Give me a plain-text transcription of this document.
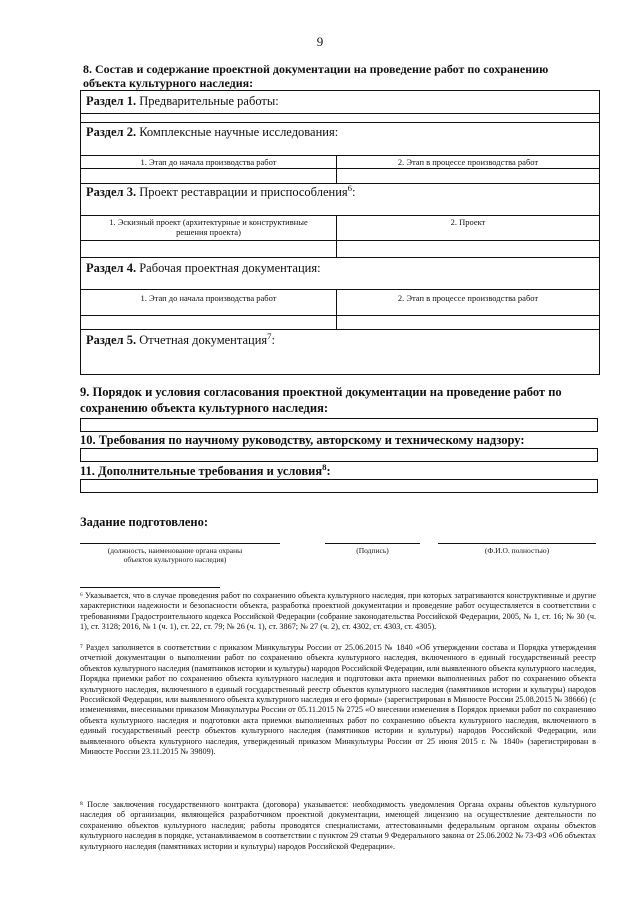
9
8. Состав и содержание проектной документации на проведение работ по сохранению объекта культурного наследия:
Раздел 1. Предварительные работы:
Раздел 2. Комплексные научные исследования:
1. Этап до начала производства работ	2. Этап в процессе производства работ
Раздел 3. Проект реставрации и приспособления$^6$:
1. Эскизный проект (архитектурные и конструктивные решения проекта)
2. Проект
Раздел 4. Рабочая проектная документация:
1. Этап до начала производства работ	2. Этап в процессе производства работ
Раздел 5. Отчетная документация$^7$:
9. Порядок и условия согласования проектной документации на проведение работ по сохранению объекта культурного наследия:
10. Требования по научному руководству, авторскому и техническому надзору:
11. Дополнительные требования и условия$^8$:
Задание подготовлено:
(должность, наименование органа охраны объектов культурного наследия)
(Подпись)	(Ф.И.О. полностью)
⁶ Указывается, что в случае проведения работ по сохранению объекта культурного наследия, при которых затрагиваются конструктивные и другие характеристики надежности и безопасности объекта, разработка проектной документации и проведение работ осуществляется в соответствии с требованиями Градостроительного кодекса Российской Федерации (собрание законодательства Российской Федерации, 2005, № 1, ст. 16; № 30 (ч. 1), ст. 3128; 2016, № 1 (ч. 1), ст. 22, ст. 79; № 26 (ч. 1), ст. 3867; № 27 (ч. 2), ст. 4302, ст. 4303, ст. 4305).
⁷ Раздел заполняется в соответствии с приказом Минкультуры России от 25.06.2015 № 1840 «Об утверждении состава и Порядка утверждения отчетной документации о выполнении работ по сохранению объекта культурного наследия, включенного в единый государственный реестр объектов культурного наследия (памятников истории и культуры) народов Российской Федерации, или выявленного объекта культурного наследия, Порядка приемки работ по сохранению объекта культурного наследия и подготовки акта приемки выполненных работ по сохранению объекта культурного наследия, включенного в единый государственный реестр объектов культурного наследия (памятников истории и культуры) народов Российской Федерации, или выявленного объекта культурного наследия и его формы» (зарегистрирован в Минюсте России 25.08.2015 № 38666) (с изменениями, внесенными приказом Минкультуры России от 05.11.2015 № 2725 «О внесении изменения в Порядок приемки работ по сохранению объекта культурного наследия и подготовки акта приемки выполненных работ по сохранению объекта культурного наследия, включенного в единый государственный реестр объектов культурного наследия (памятников истории и культуры) народов Российской Федерации, или выявленного объекта культурного наследия, утвержденный приказом Минкультуры России от 25 июня 2015 г. № 1840» (зарегистрирован в Минюсте России 23.11.2015 № 39809).
⁸ После заключения государственного контракта (договора) указывается: необходимость уведомления Органа охраны объектов культурного наследия об организации, являющейся разработчиком проектной документации, имеющей лицензию на осуществление деятельности по сохранению объектов культурного наследия; работы проводятся специалистами, аттестованными федеральным органом охраны объектов культурного наследия в порядке, устанавливаемом в соответствии с пунктом 29 статьи 9 Федерального закона от 25.06.2002 № 73-ФЗ «Об объектах культурного наследия (памятниках истории и культуры) народов Российской Федерации».
